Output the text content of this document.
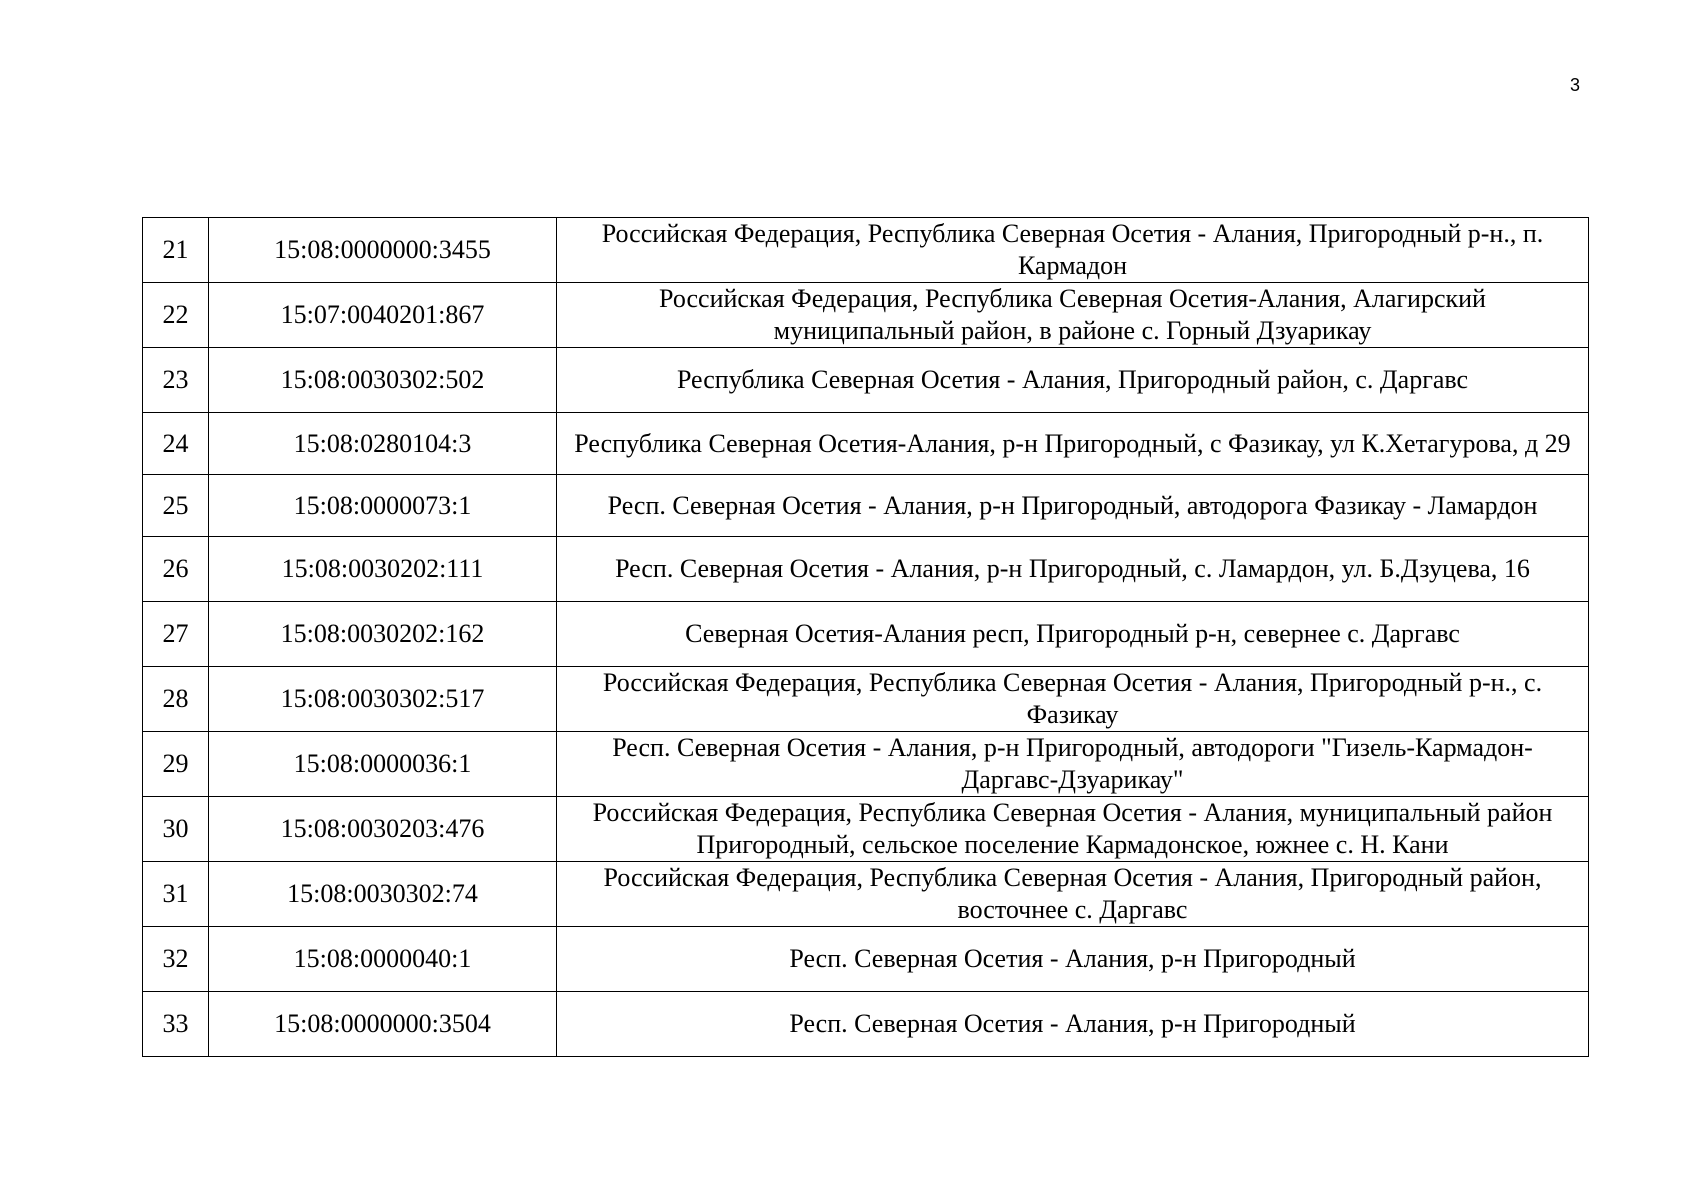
3
21	15:08:0000000:3455	Российская Федерация, Республика Северная Осетия - Алания, Пригородный р-н., п. Кармадон
22	15:07:0040201:867	Российская Федерация, Республика Северная Осетия-Алания, Алагирский муниципальный район, в районе с. Горный Дзуарикау
23	15:08:0030302:502	Республика Северная Осетия - Алания, Пригородный район, с. Даргавс
24	15:08:0280104:3	Республика Северная Осетия-Алания, р-н Пригородный, с Фазикау, ул К.Хетагурова, д 29
25	15:08:0000073:1	Респ. Северная Осетия - Алания, р-н Пригородный, автодорога Фазикау - Ламардон
26	15:08:0030202:111	Респ. Северная Осетия - Алания, р-н Пригородный, с. Ламардон, ул. Б.Дзуцева, 16
27	15:08:0030202:162	Северная Осетия-Алания респ, Пригородный р-н, севернее с. Даргавс
28	15:08:0030302:517	Российская Федерация, Республика Северная Осетия - Алания, Пригородный р-н., с. Фазикау
29	15:08:0000036:1	Респ. Северная Осетия - Алания, р-н Пригородный, автодороги "Гизель-Кармадон-Даргавс-Дзуарикау"
30	15:08:0030203:476	Российская Федерация, Республика Северная Осетия - Алания, муниципальный район Пригородный, сельское поселение Кармадонское, южнее с. Н. Кани
31	15:08:0030302:74	Российская Федерация, Республика Северная Осетия - Алания, Пригородный район, восточнее с. Даргавс
32	15:08:0000040:1	Респ. Северная Осетия - Алания, р-н Пригородный
33	15:08:0000000:3504	Респ. Северная Осетия - Алания, р-н Пригородный
